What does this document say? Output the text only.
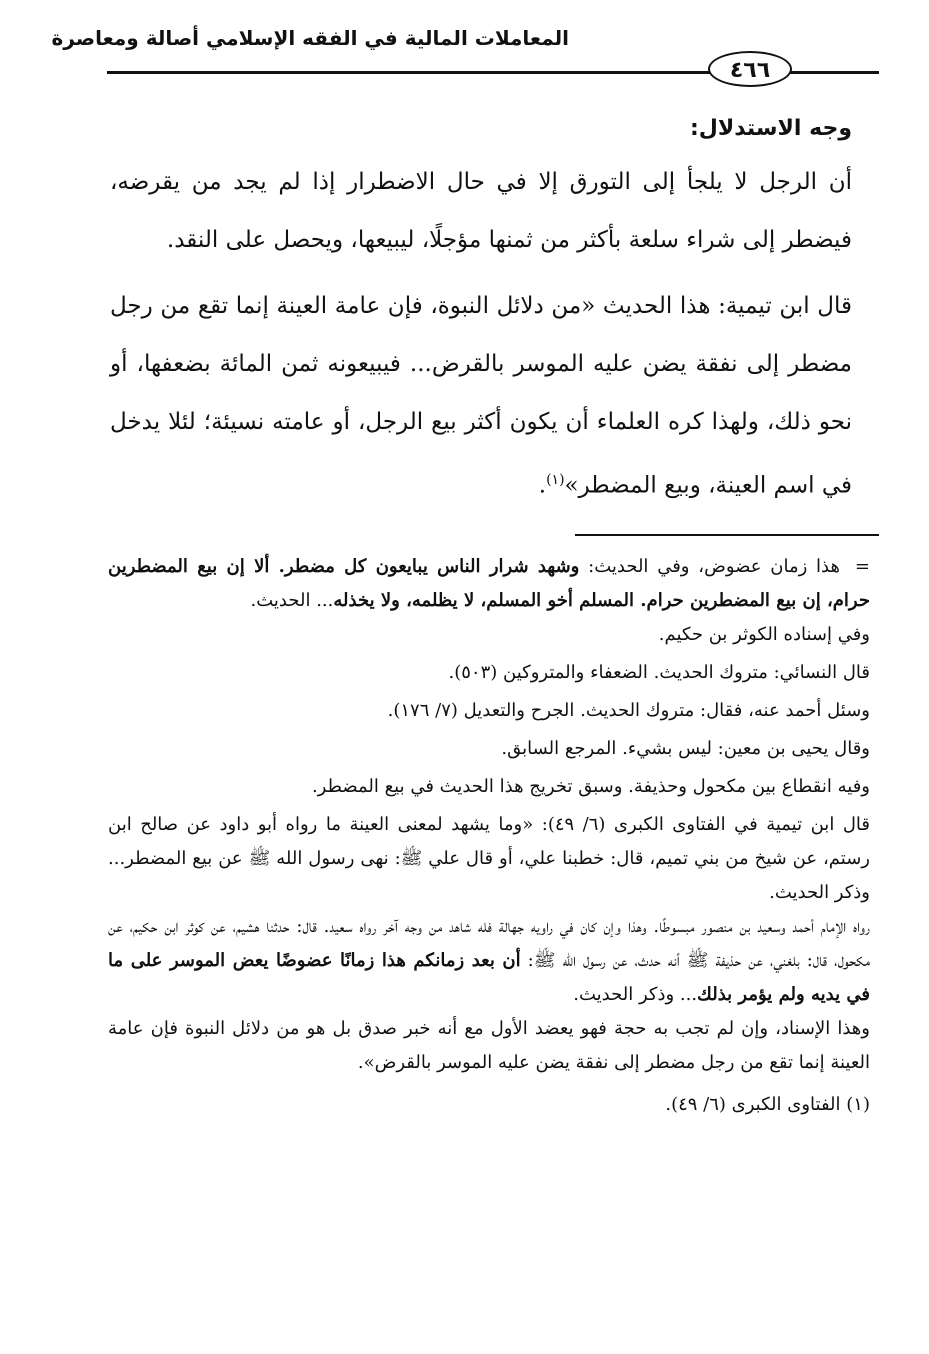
المعاملات المالية في الفقه الإسلامي أصالة ومعاصرة
٤٦٦
وجه الاستدلال:

أن الرجل لا يلجأ إلى التورق إلا في حال الاضطرار إذا لم يجد من يقرضه، فيضطر إلى شراء سلعة بأكثر من ثمنها مؤجلًا، ليبيعها، ويحصل على النقد.

قال ابن تيمية: هذا الحديث «من دلائل النبوة، فإن عامة العينة إنما تقع من رجل مضطر إلى نفقة يضن عليه الموسر بالقرض... فيبيعونه ثمن المائة بضعفها، أو نحو ذلك، ولهذا كره العلماء أن يكون أكثر بيع الرجل، أو عامته نسيئة؛ لئلا يدخل في اسم العينة، وبيع المضطر»$^{(١)}$.

=هذا زمان عضوض، وفي الحديث: وشهد شرار الناس يبايعون كل مضطر. ألا إن بيع المضطرين حرام، إن بيع المضطرين حرام. المسلم أخو المسلم، لا يظلمه، ولا يخذله... الحديث.

وفي إسناده الكوثر بن حكيم.

قال النسائي: متروك الحديث. الضعفاء والمتروكين (٥٠٣).

وسئل أحمد عنه، فقال: متروك الحديث. الجرح والتعديل (٧/ ١٧٦).

وقال يحيى بن معين: ليس بشيء. المرجع السابق.

وفيه انقطاع بين مكحول وحذيفة. وسبق تخريج هذا الحديث في بيع المضطر.

قال ابن تيمية في الفتاوى الكبرى (٦/ ٤٩): «وما يشهد لمعنى العينة ما رواه أبو داود عن صالح ابن رستم، عن شيخ من بني تميم، قال: خطبنا علي، أو قال علي ﷺ: نهى رسول الله ﷺ عن بيع المضطر... وذكر الحديث.

رواه الإمام أحمد وسعيد بن منصور مبسوطًا. وهذا وإن كان في راويه جهالة فله شاهد من وجه آخر رواه سعيد. قال: حدثنا هشيم، عن كوثر ابن حكيم، عن مكحول، قال: بلغني، عن حذيفة ﷺ أنه حدث، عن رسول الله ﷺ: أن بعد زمانكم هذا زمانًا عضوضًا يعض الموسر على ما في يديه ولم يؤمر بذلك... وذكر الحديث.

وهذا الإسناد، وإن لم تجب به حجة فهو يعضد الأول مع أنه خبر صدق بل هو من دلائل النبوة فإن عامة العينة إنما تقع من رجل مضطر إلى نفقة يضن عليه الموسر بالقرض».

(١) الفتاوى الكبرى (٦/ ٤٩).
